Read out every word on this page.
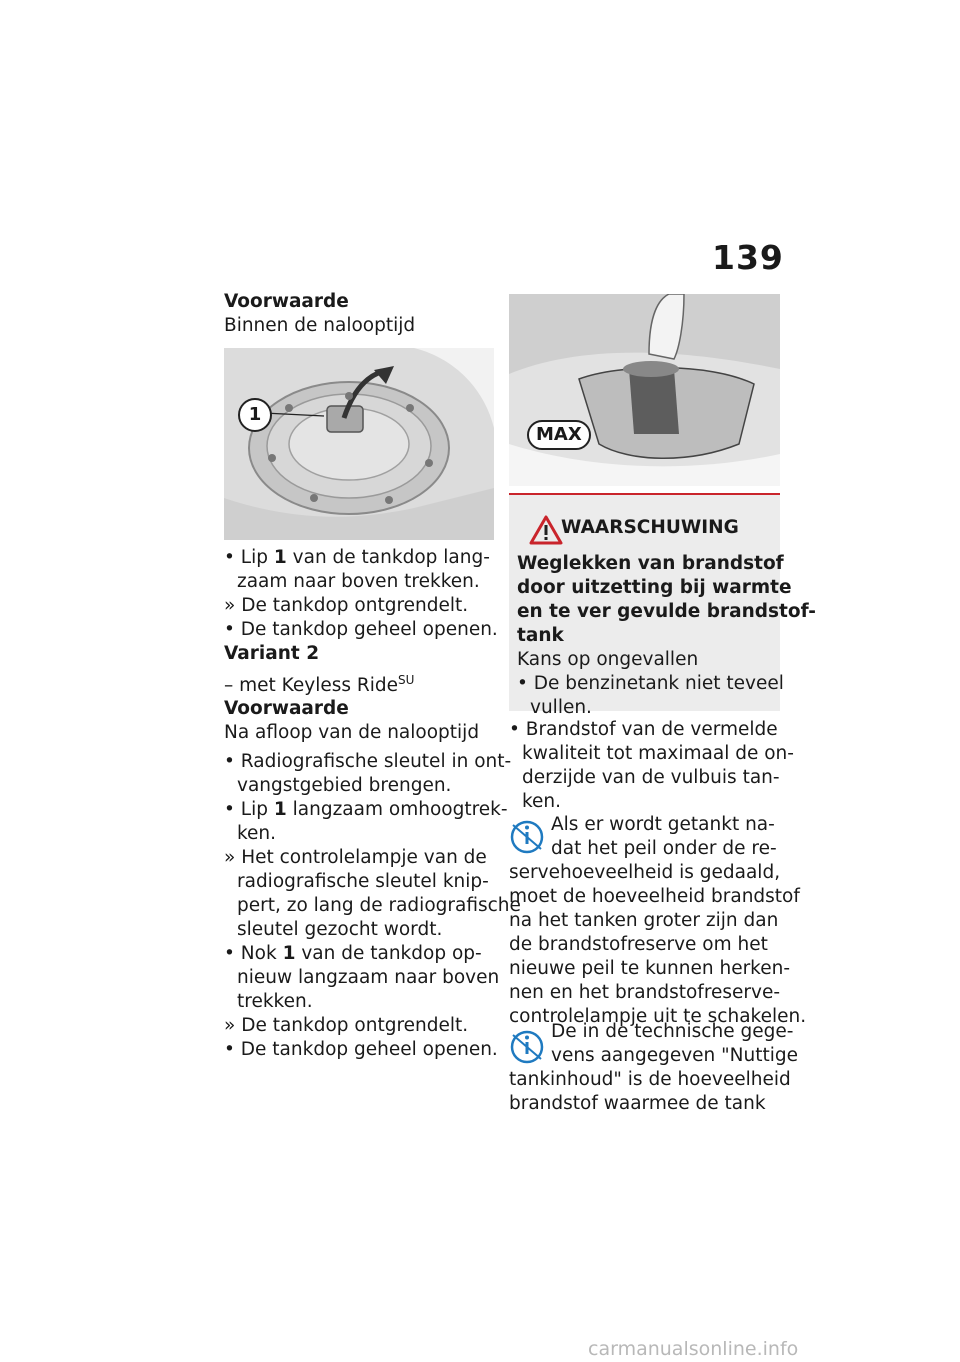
139
Voorwaarde
Binnen de nalooptijd
1
• Lip 1 van de tankdop lang-
zaam naar boven trekken.
» De tankdop ontgrendelt.
• De tankdop geheel openen.
Variant 2
– met Keyless Ride$^{SU}$
Voorwaarde
Na afloop van de nalooptijd
• Radiografische sleutel in ont-
vangstgebied brengen.
• Lip 1 langzaam omhoogtrek-
ken.
» Het controlelampje van de
radiografische sleutel knip-
pert, zo lang de radiografische
sleutel gezocht wordt.
• Nok 1 van de tankdop op-
nieuw langzaam naar boven
trekken.
» De tankdop ontgrendelt.
• De tankdop geheel openen.
MAX
WAARSCHUWING
Weglekken van brandstof
door uitzetting bij warmte
en te ver gevulde brandstof-
tank
Kans op ongevallen
• De benzinetank niet teveel
vullen.
• Brandstof van de vermelde
kwaliteit tot maximaal de on-
derzijde van de vulbuis tan-
ken.
Als er wordt getankt na-
dat het peil onder de re-
servehoeveelheid is gedaald,
moet de hoeveelheid brandstof
na het tanken groter zijn dan
de brandstofreserve om het
nieuwe peil te kunnen herken-
nen en het brandstofreserve-
controlelampje uit te schakelen.
De in de technische gege-
vens aangegeven "Nuttige
tankinhoud" is de hoeveelheid
brandstof waarmee de tank
carmanualsonline.info
